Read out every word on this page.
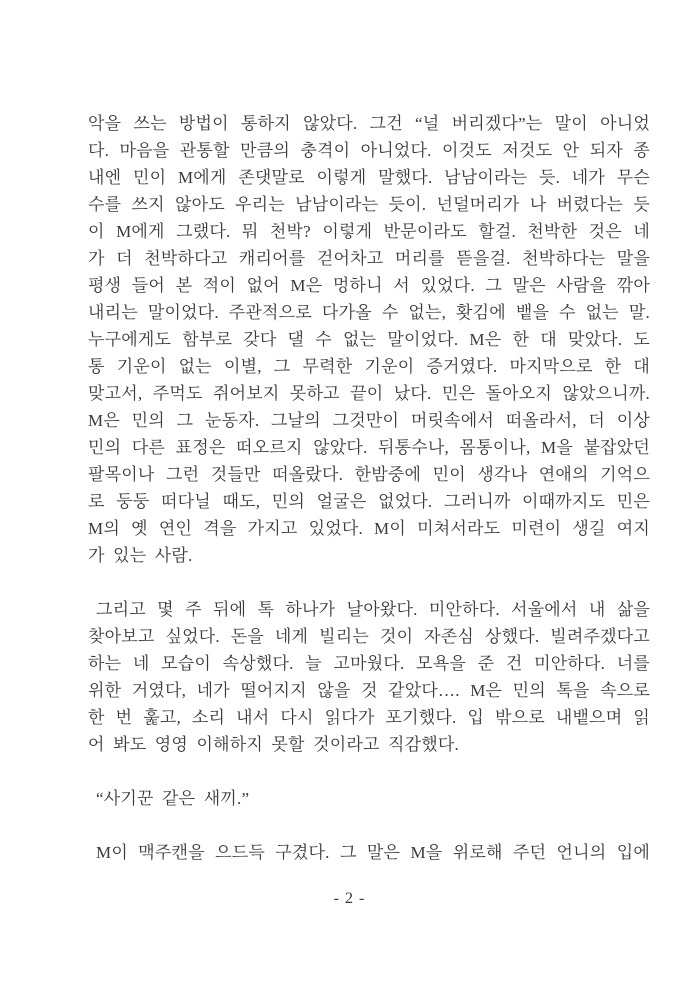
악을 쓰는 방법이 통하지 않았다. 그건 “널 버리겠다”는 말이 아니었
다. 마음을 관통할 만큼의 충격이 아니었다. 이것도 저것도 안 되자 종
내엔 민이 M에게 존댓말로 이렇게 말했다. 남남이라는 듯. 네가 무슨
수를 쓰지 않아도 우리는 남남이라는 듯이. 넌덜머리가 나 버렸다는 듯
이 M에게 그랬다. 뭐 천박? 이렇게 반문이라도 할걸. 천박한 것은 네
가 더 천박하다고 캐리어를 걷어차고 머리를 뜯을걸. 천박하다는 말을
평생 들어 본 적이 없어 M은 멍하니 서 있었다. 그 말은 사람을 깎아
내리는 말이었다. 주관적으로 다가올 수 없는, 홧김에 뱉을 수 없는 말.
누구에게도 함부로 갖다 댈 수 없는 말이었다. M은 한 대 맞았다. 도
통 기운이 없는 이별, 그 무력한 기운이 증거였다. 마지막으로 한 대
맞고서, 주먹도 쥐어보지 못하고 끝이 났다. 민은 돌아오지 않았으니까.
M은 민의 그 눈동자. 그날의 그것만이 머릿속에서 떠올라서, 더 이상
민의 다른 표정은 떠오르지 않았다. 뒤통수나, 몸통이나, M을 붙잡았던
팔목이나 그런 것들만 떠올랐다. 한밤중에 민이 생각나 연애의 기억으
로 둥둥 떠다닐 때도, 민의 얼굴은 없었다. 그러니까 이때까지도 민은
M의 옛 연인 격을 가지고 있었다. M이 미쳐서라도 미련이 생길 여지
가 있는 사람.
그리고 몇 주 뒤에 톡 하나가 날아왔다. 미안하다. 서울에서 내 삶을
찾아보고 싶었다. 돈을 네게 빌리는 것이 자존심 상했다. 빌려주겠다고
하는 네 모습이 속상했다. 늘 고마웠다. 모욕을 준 건 미안하다. 너를
위한 거였다, 네가 떨어지지 않을 것 같았다…. M은 민의 톡을 속으로
한 번 훑고, 소리 내서 다시 읽다가 포기했다. 입 밖으로 내뱉으며 읽
어 봐도 영영 이해하지 못할 것이라고 직감했다.
“사기꾼 같은 새끼.”
M이 맥주캔을 으드득 구겼다. 그 말은 M을 위로해 주던 언니의 입에
- 2 -
